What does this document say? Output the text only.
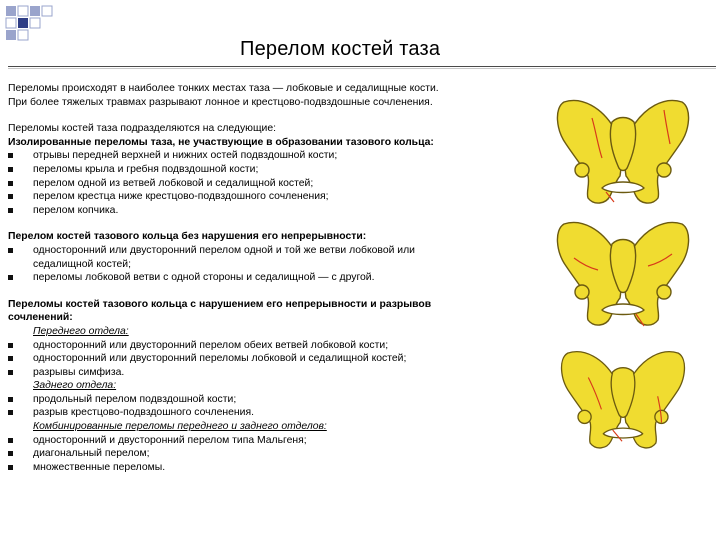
Перелом костей таза

Переломы происходят в наиболее тонких местах таза — лобковые и седалищные кости.

При более тяжелых травмах разрывают лонное и крестцово-подвздошные сочленения.

Переломы костей таза подразделяются на следующие:

Изолированные переломы таза, не участвующие в образовании тазового кольца:

отрывы передней верхней и нижних остей подвздошной кости;

переломы крыла и гребня подвздошной кости;

перелом одной из ветвей лобковой и седалищной костей;

перелом крестца ниже крестцово-подвздошного сочленения;

перелом копчика.

Перелом костей тазового кольца без нарушения его непрерывности:

односторонний или двусторонний перелом одной и той же ветви лобковой или

седалищной костей;

переломы лобковой ветви с одной стороны и седалищной — с другой.

Переломы костей тазового кольца с нарушением его непрерывности и разрывов

сочленений:

Переднего отдела:

односторонний или двусторонний перелом обеих ветвей лобковой кости;

односторонний или двусторонний переломы лобковой и седалищной костей;

разрывы симфиза.

Заднего отдела:

продольный перелом подвздошной кости;

разрыв крестцово-подвздошного сочленения.

Комбинированные переломы переднего и заднего отделов:

односторонний и двусторонний перелом типа Мальгеня;

диагональный перелом;

множественные переломы.
